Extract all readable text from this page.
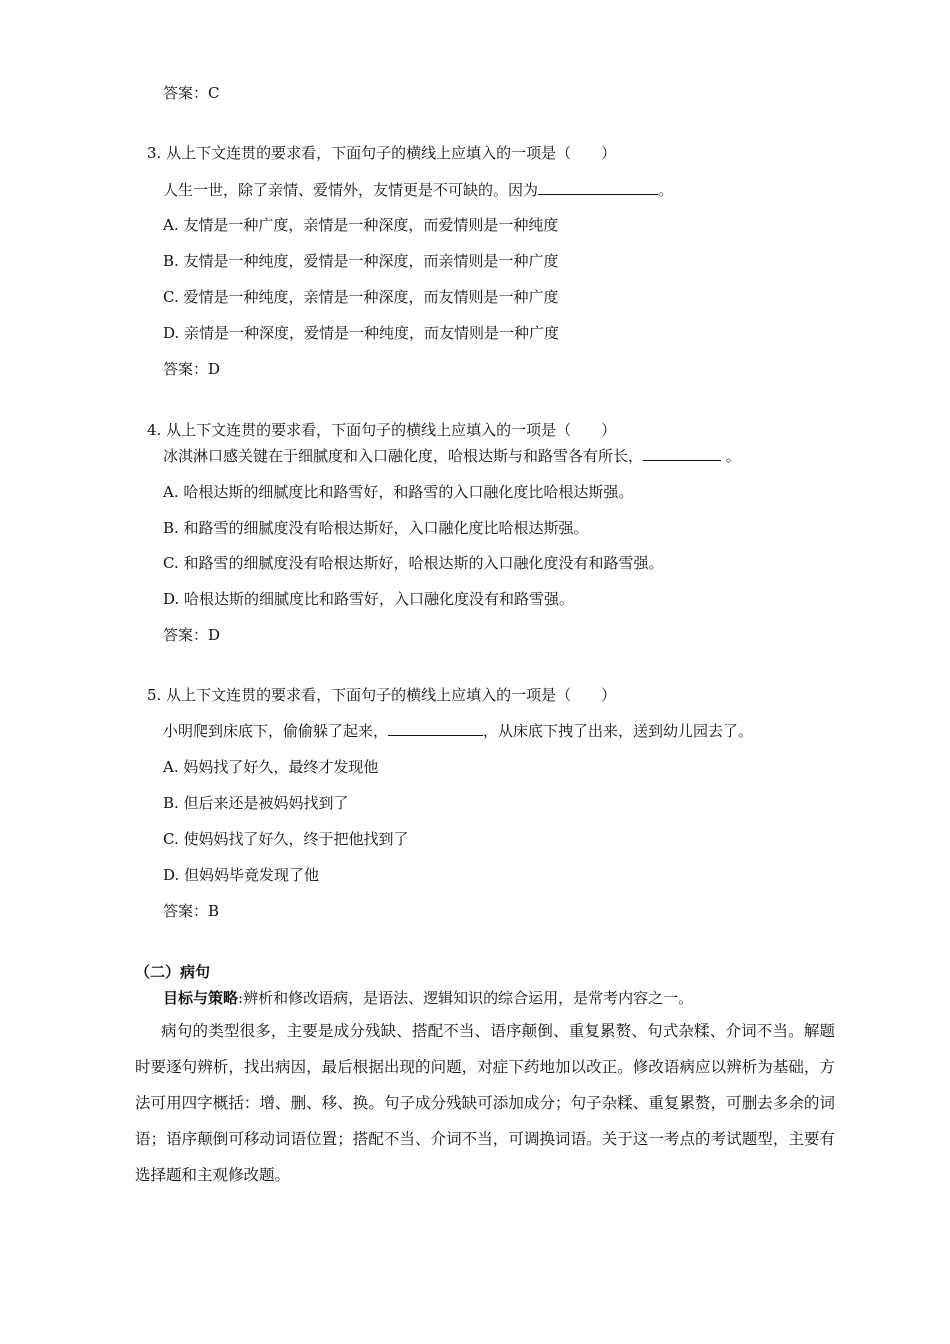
答案：C
3. 从上下文连贯的要求看，下面句子的横线上应填入的一项是（　　）
人生一世，除了亲情、爱情外，友情更是不可缺的。因为	。
A. 友情是一种广度，亲情是一种深度，而爱情则是一种纯度
B. 友情是一种纯度，爱情是一种深度，而亲情则是一种广度
C. 爱情是一种纯度，亲情是一种深度，而友情则是一种广度
D. 亲情是一种深度，爱情是一种纯度，而友情则是一种广度
答案：D
4. 从上下文连贯的要求看，下面句子的横线上应填入的一项是（　　）
冰淇淋口感关键在于细腻度和入口融化度，哈根达斯与和路雪各有所长，	。
A. 哈根达斯的细腻度比和路雪好，和路雪的入口融化度比哈根达斯强。
B. 和路雪的细腻度没有哈根达斯好，入口融化度比哈根达斯强。
C. 和路雪的细腻度没有哈根达斯好，哈根达斯的入口融化度没有和路雪强。
D. 哈根达斯的细腻度比和路雪好，入口融化度没有和路雪强。
答案：D
5. 从上下文连贯的要求看，下面句子的横线上应填入的一项是（　　）
小明爬到床底下，偷偷躲了起来，	，从床底下拽了出来，送到幼儿园去了。
A. 妈妈找了好久，最终才发现他
B. 但后来还是被妈妈找到了
C. 使妈妈找了好久，终于把他找到了
D. 但妈妈毕竟发现了他
答案：B
（二）病句
目标与策略:辨析和修改语病，是语法、逻辑知识的综合运用，是常考内容之一。
病句的类型很多，主要是成分残缺、搭配不当、语序颠倒、重复累赘、句式杂糅、介词不当。解题时要逐句辨析，找出病因，最后根据出现的问题，对症下药地加以改正。修改语病应以辨析为基础，方法可用四字概括：增、删、移、换。句子成分残缺可添加成分；句子杂糅、重复累赘，可删去多余的词语；语序颠倒可移动词语位置；搭配不当、介词不当，可调换词语。关于这一考点的考试题型，主要有选择题和主观修改题。
